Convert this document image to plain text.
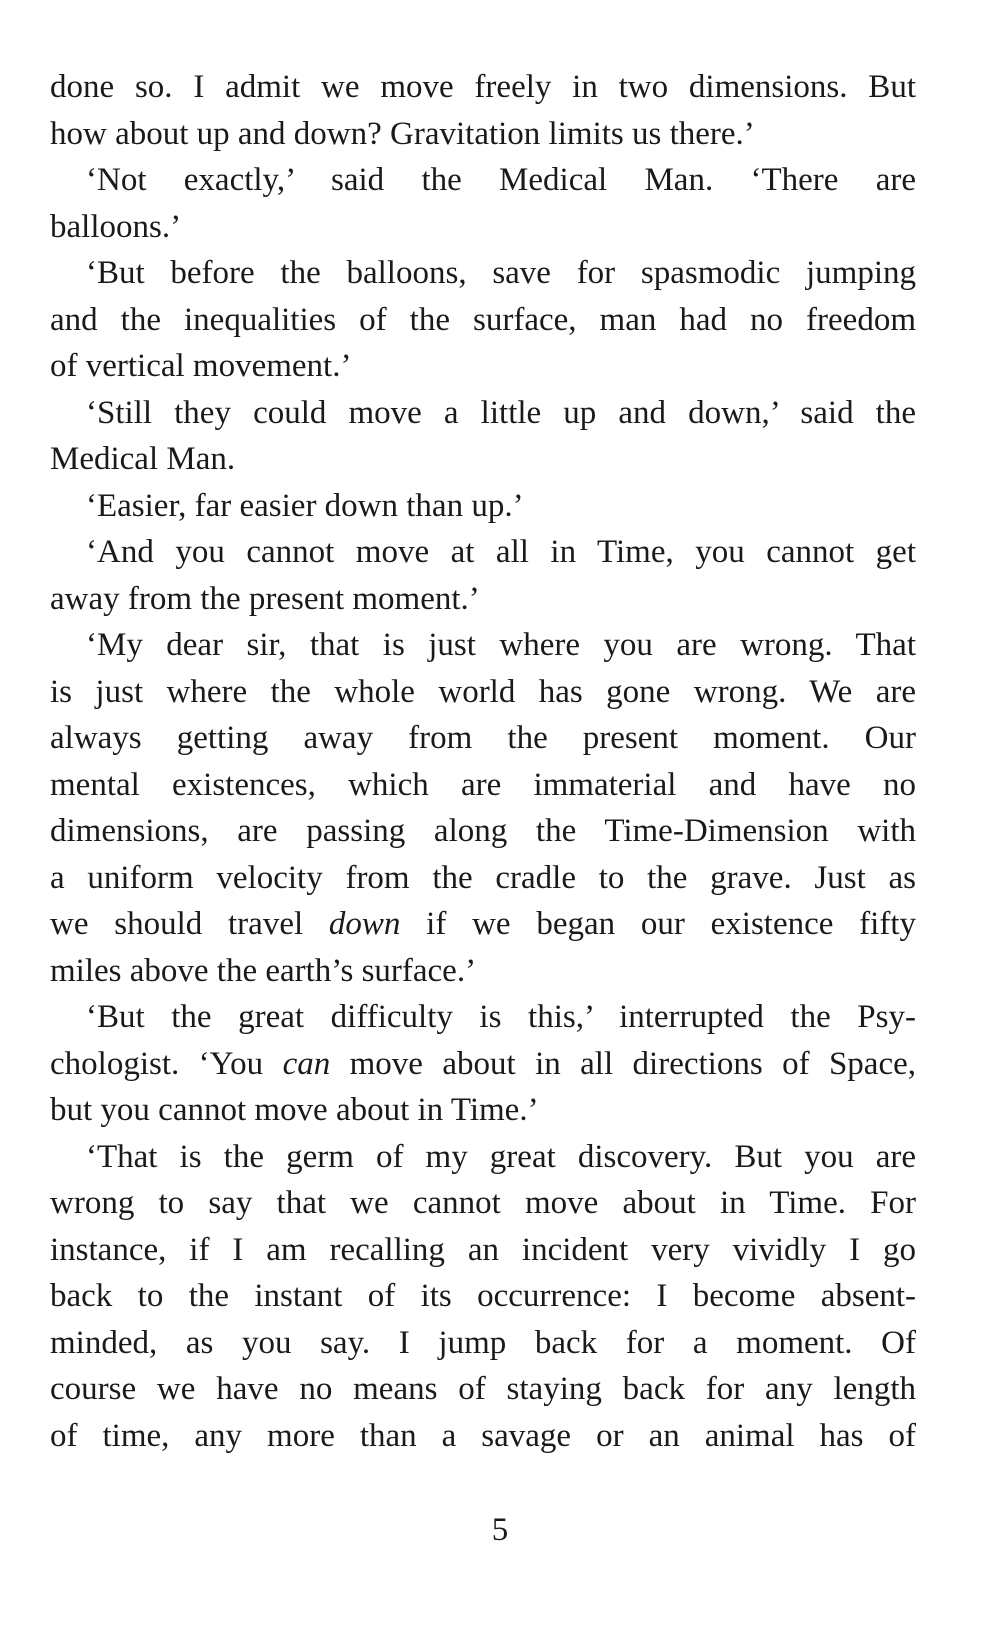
done so. I admit we move freely in two dimensions. But
how about up and down? Gravitation limits us there.’
‘Not exactly,’ said the Medical Man. ‘There are
balloons.’
‘But before the balloons, save for spasmodic jumping
and the inequalities of the surface, man had no freedom
of vertical movement.’
‘Still they could move a little up and down,’ said the
Medical Man.
‘Easier, far easier down than up.’
‘And you cannot move at all in Time, you cannot get
away from the present moment.’
‘My dear sir, that is just where you are wrong. That
is just where the whole world has gone wrong. We are
always getting away from the present moment. Our
mental existences, which are immaterial and have no
dimensions, are passing along the Time-Dimension with
a uniform velocity from the cradle to the grave. Just as
we should travel down if we began our existence fifty
miles above the earth’s surface.’
‘But the great difficulty is this,’ interrupted the Psy-
chologist. ‘You can move about in all directions of Space,
but you cannot move about in Time.’
‘That is the germ of my great discovery. But you are
wrong to say that we cannot move about in Time. For
instance, if I am recalling an incident very vividly I go
back to the instant of its occurrence: I become absent-
minded, as you say. I jump back for a moment. Of
course we have no means of staying back for any length
of time, any more than a savage or an animal has of
5
